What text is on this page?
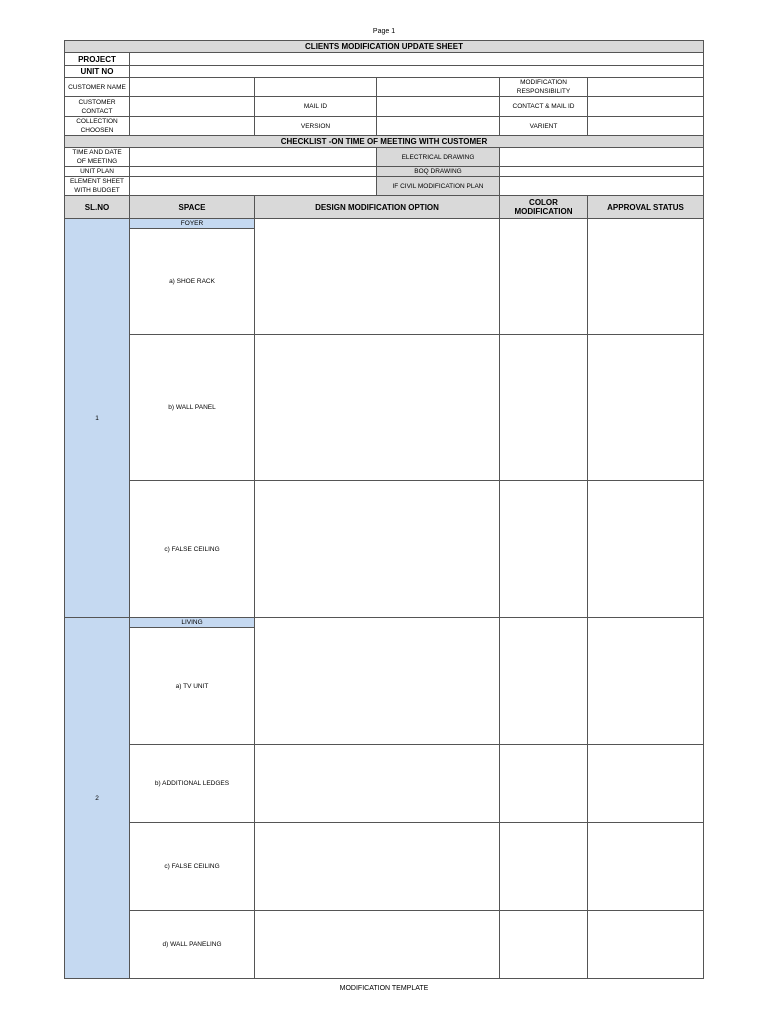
Page 1
CLIENTS MODIFICATION UPDATE SHEET					
PROJECT					
UNIT NO					
CUSTOMER NAME				MODIFICATION RESPONSIBILITY	
CUSTOMER CONTACT		MAIL ID		CONTACT & MAIL ID	
COLLECTION CHOOSEN		VERSION		VARIENT	
CHECKLIST -ON TIME OF MEETING WITH CUSTOMER					
TIME AND DATE OF MEETING			ELECTRICAL DRAWING		
UNIT PLAN			BOQ DRAWING		
ELEMENT SHEET WITH BUDGET			IF CIVIL MODIFICATION PLAN		
SL.NO	SPACE	DESIGN MODIFICATION OPTION		COLOR MODIFICATION	APPROVAL STATUS
1	FOYER				
	a) SHOE RACK				
	b) WALL PANEL				
	c) FALSE CEILING				
2	LIVING				
	a) TV UNIT				
	b) ADDITIONAL LEDGES				
	c) FALSE CEILING				
	d) WALL PANELING				
MODIFICATION TEMPLATE
